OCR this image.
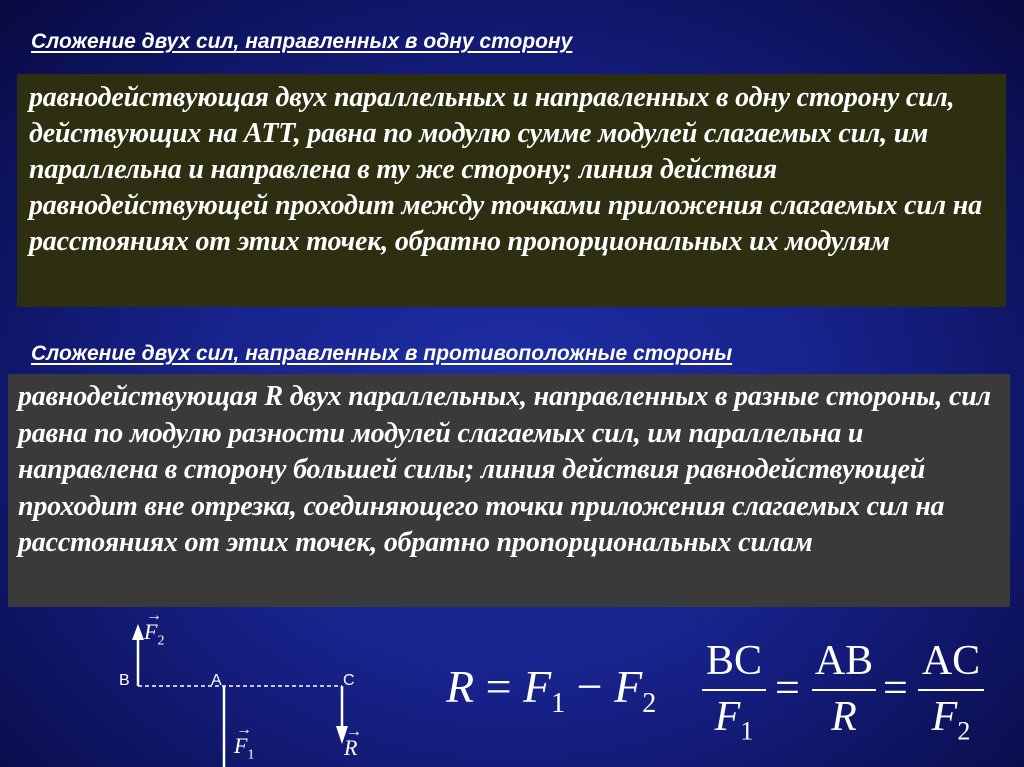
Сложение двух сил, направленных в одну сторону
равнодействующая двух параллельных и направленных в одну сторону сил, действующих на АТТ, равна по модулю сумме модулей слагаемых сил, им параллельна и направлена в ту же сторону; линия действия равнодействующей проходит между точками приложения слагаемых сил на расстояниях от этих точек, обратно пропорциональных их модулям
Сложение двух сил, направленных в противоположные стороны
равнодействующая R двух параллельных, направленных в разные стороны, сил равна по модулю разности модулей слагаемых сил, им параллельна и направлена в сторону большей силы; линия действия равнодействующей проходит вне отрезка, соединяющего точки приложения слагаемых сил на расстояниях от этих точек, обратно пропорциональных силам
B	A	C
→
$F_2$
→
$F_1$
→
R
$R = F_1 - F_2$
BC
$F_1$
=
AB
R
=
AC
$F_2$
